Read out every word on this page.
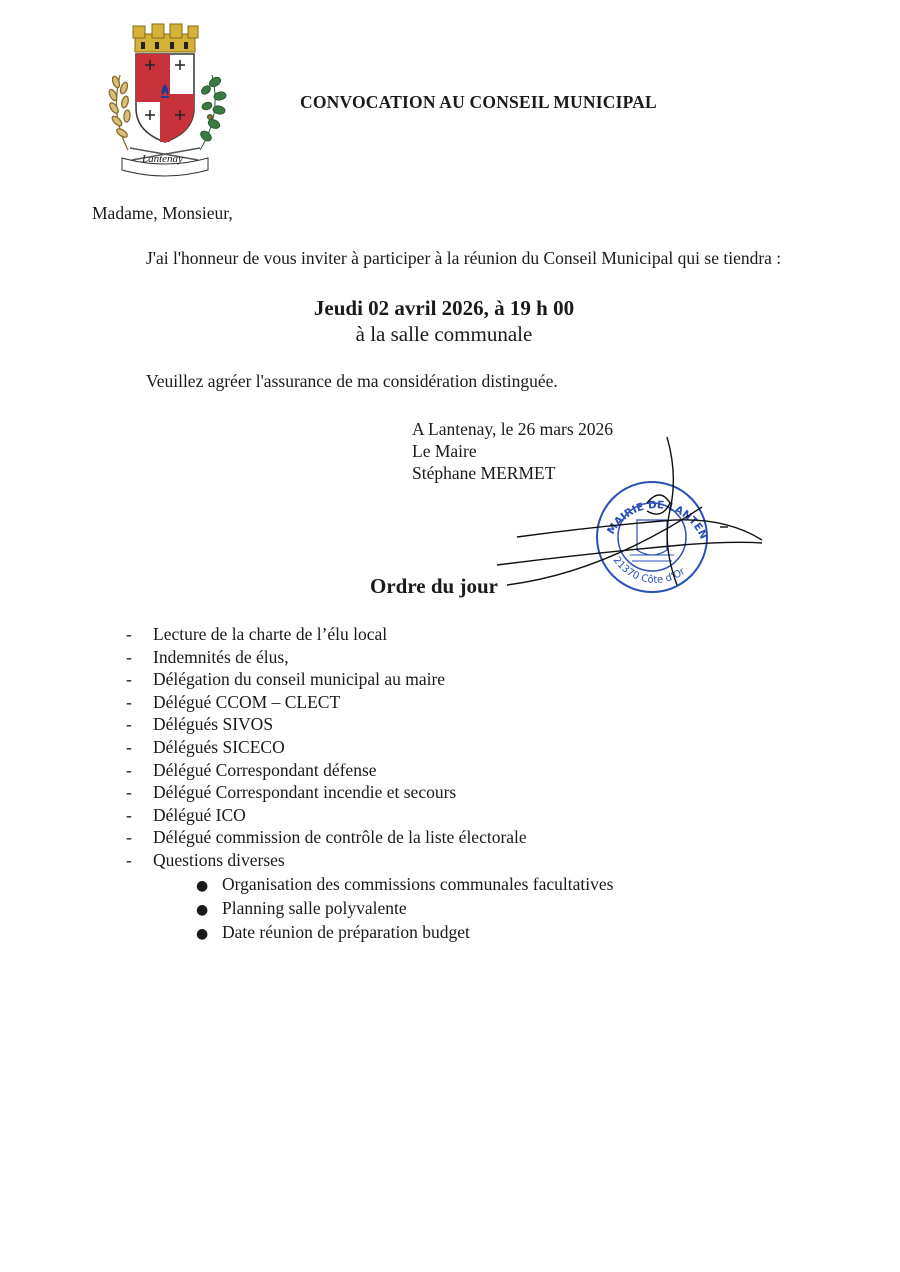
Lantenay
CONVOCATION AU CONSEIL MUNICIPAL
Madame, Monsieur,
J'ai l'honneur de vous inviter à participer à la réunion du Conseil Municipal qui se tiendra :
Jeudi 02 avril 2026, à 19 h 00
à la salle communale
Veuillez agréer l'assurance de ma considération distinguée.
A Lantenay, le 26 mars 2026
Le Maire
Stéphane MERMET
MAIRIE DE LANTEN
21370 Côte d'Or
Ordre du jour
- Lecture de la charte de l’élu local
- Indemnités de élus,
- Délégation du conseil municipal au maire
- Délégué CCOM – CLECT
- Délégués SIVOS
- Délégués SICECO
- Délégué Correspondant défense
- Délégué Correspondant incendie et secours
- Délégué ICO
- Délégué commission de contrôle de la liste électorale
- Questions diverses
● Organisation des commissions communales facultatives
● Planning salle polyvalente
● Date réunion de préparation budget
